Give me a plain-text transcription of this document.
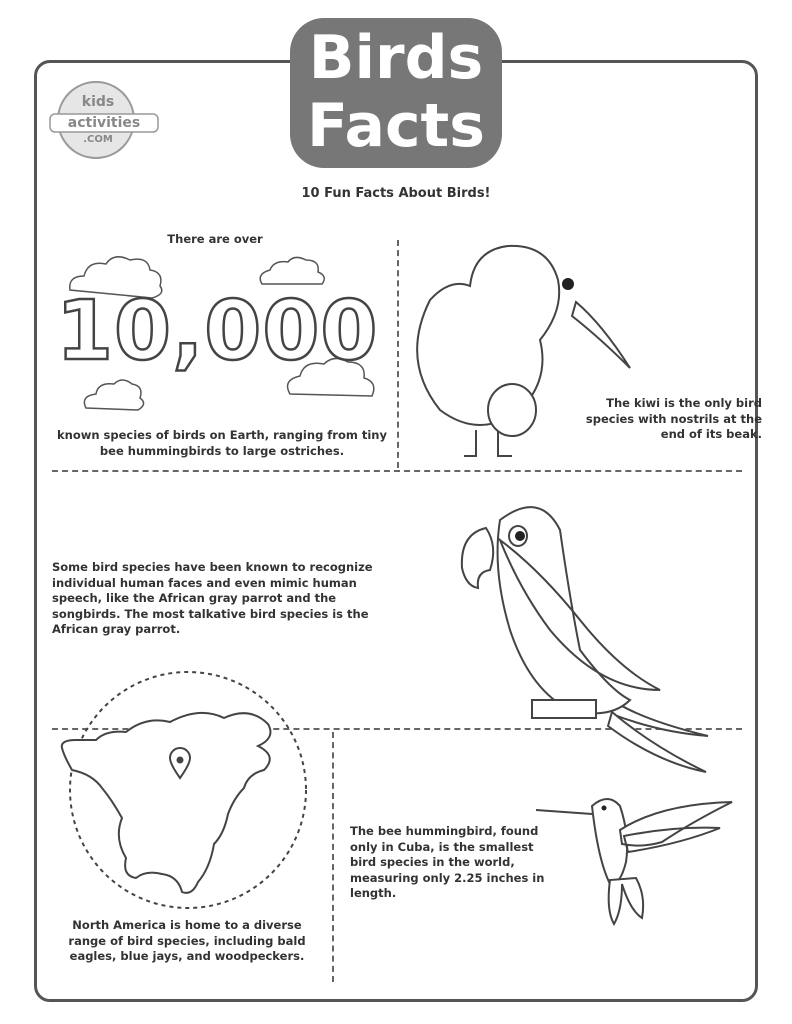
Birds
Facts
kids
activities
.COM
10 Fun Facts About Birds!
There are over
10,000
known species of birds on Earth, ranging from tiny
bee hummingbirds to large ostriches.
The kiwi is the only bird
species with nostrils at the
end of its beak.
Some bird species have been known to recognize
individual human faces and even mimic human
speech, like the African gray parrot and the
songbirds. The most talkative bird species is the
African gray parrot.
North America is home to a diverse
range of bird species, including bald
eagles, blue jays, and woodpeckers.
The bee hummingbird, found
only in Cuba, is the smallest
bird species in the world,
measuring only 2.25 inches in
length.
